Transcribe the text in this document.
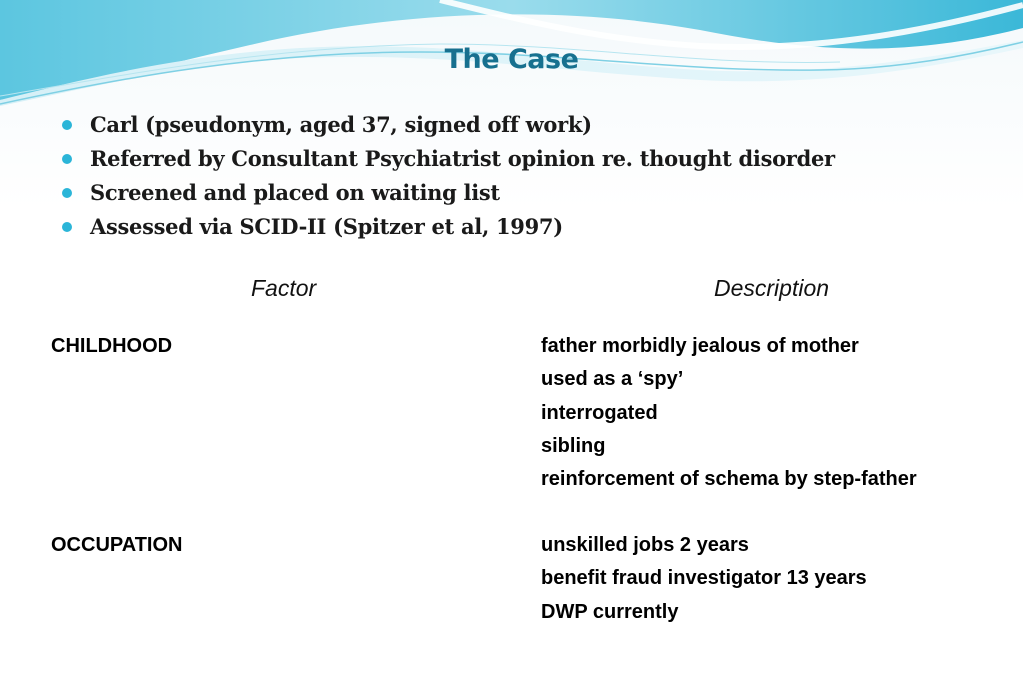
The Case
Carl (pseudonym, aged 37, signed off work)
Referred by Consultant Psychiatrist opinion re. thought disorder
Screened and placed on waiting list
Assessed via SCID-II (Spitzer et al, 1997)
Factor	Description
CHILDHOOD	father morbidly jealous of mother
used as a ‘spy’
interrogated
sibling
reinforcement of schema by step-father
OCCUPATION	unskilled jobs 2 years
benefit fraud investigator 13 years
DWP currently
